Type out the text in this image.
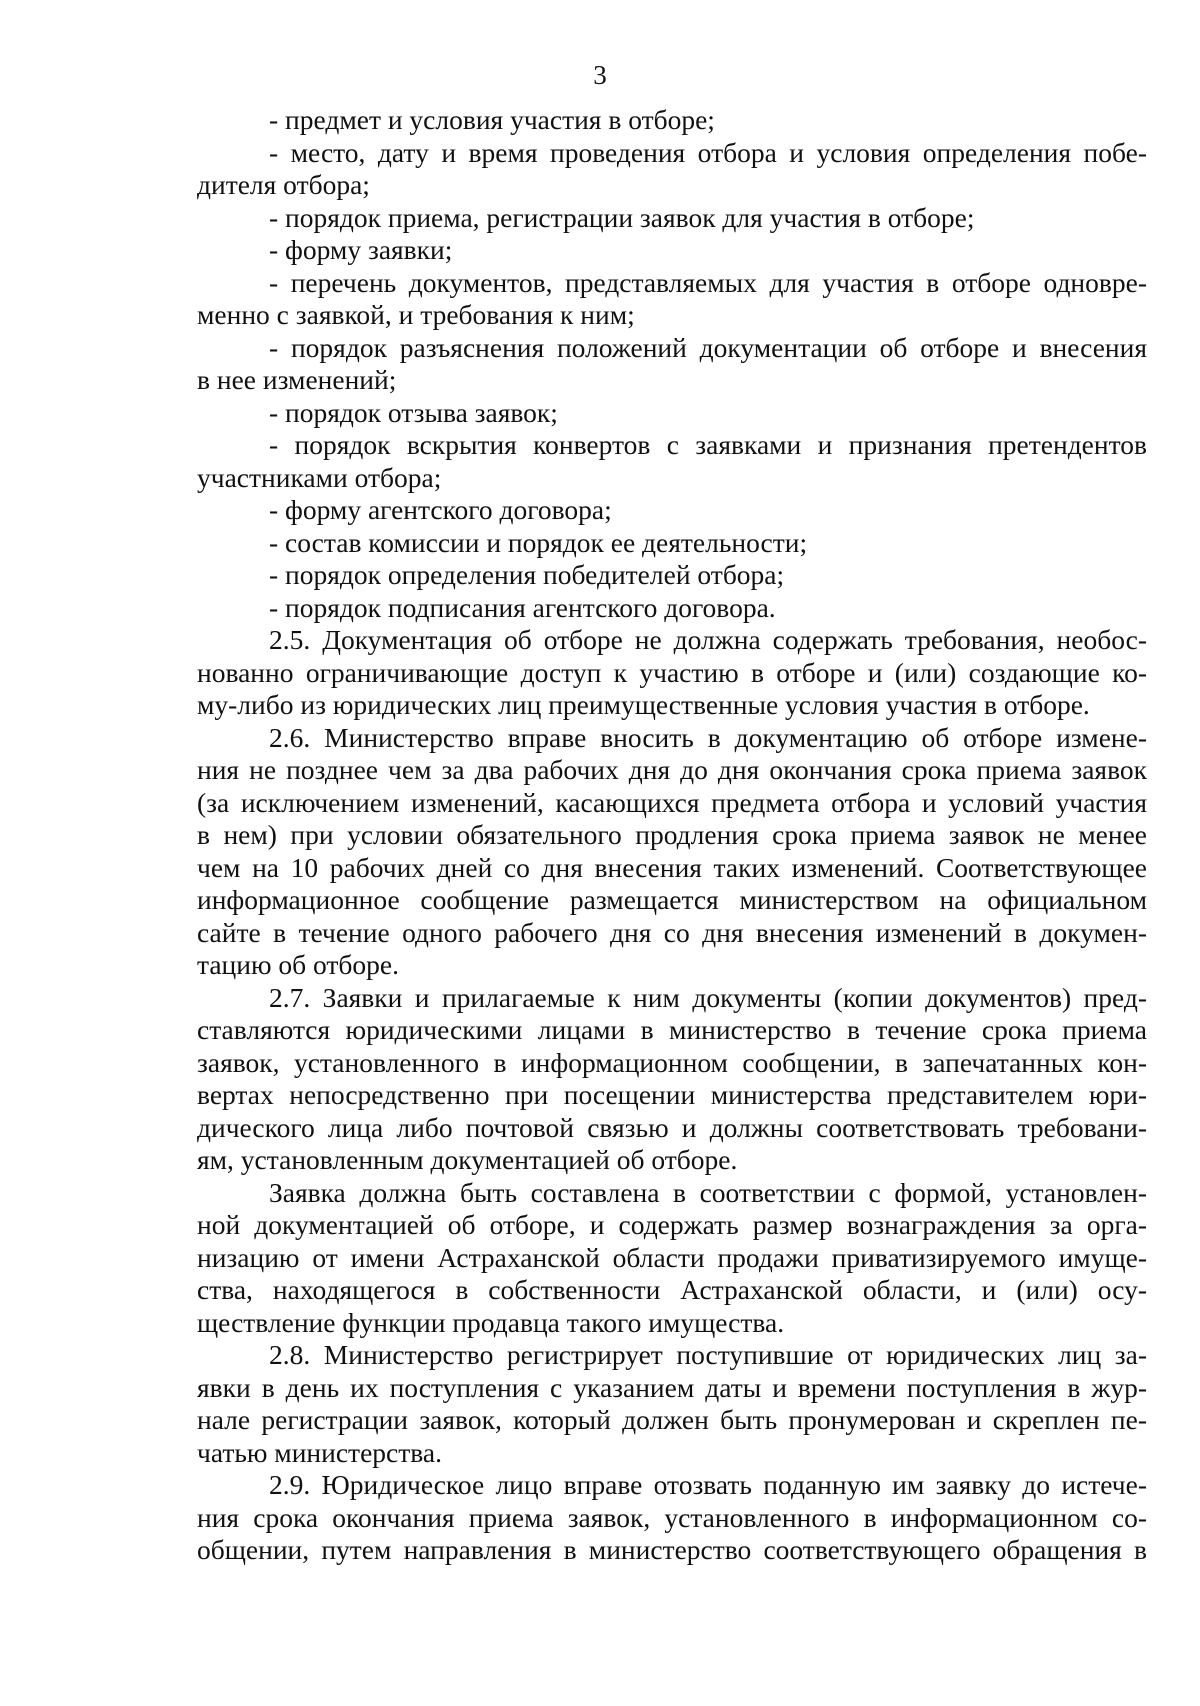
3
- предмет и условия участия в отборе;
- место, дату и время проведения отбора и условия определения побе-
дителя отбора;
- порядок приема, регистрации заявок для участия в отборе;
- форму заявки;
- перечень документов, представляемых для участия в отборе одновре-
менно с заявкой, и требования к ним;
- порядок разъяснения положений документации об отборе и внесения
в нее изменений;
- порядок отзыва заявок;
- порядок вскрытия конвертов с заявками и признания претендентов
участниками отбора;
- форму агентского договора;
- состав комиссии и порядок ее деятельности;
- порядок определения победителей отбора;
- порядок подписания агентского договора.
2.5. Документация об отборе не должна содержать требования, необос-
нованно ограничивающие доступ к участию в отборе и (или) создающие ко-
му-либо из юридических лиц преимущественные условия участия в отборе.
2.6. Министерство вправе вносить в документацию об отборе измене-
ния не позднее чем за два рабочих дня до дня окончания срока приема заявок
(за исключением изменений, касающихся предмета отбора и условий участия
в нем) при условии обязательного продления срока приема заявок не менее
чем на 10 рабочих дней со дня внесения таких изменений. Соответствующее
информационное сообщение размещается министерством на официальном
сайте в течение одного рабочего дня со дня внесения изменений в докумен-
тацию об отборе.
2.7. Заявки и прилагаемые к ним документы (копии документов) пред-
ставляются юридическими лицами в министерство в течение срока приема
заявок, установленного в информационном сообщении, в запечатанных кон-
вертах непосредственно при посещении министерства представителем юри-
дического лица либо почтовой связью и должны соответствовать требовани-
ям, установленным документацией об отборе.
Заявка должна быть составлена в соответствии с формой, установлен-
ной документацией об отборе, и содержать размер вознаграждения за орга-
низацию от имени Астраханской области продажи приватизируемого имуще-
ства, находящегося в собственности Астраханской области, и (или) осу-
ществление функции продавца такого имущества.
2.8. Министерство регистрирует поступившие от юридических лиц за-
явки в день их поступления с указанием даты и времени поступления в жур-
нале регистрации заявок, который должен быть пронумерован и скреплен пе-
чатью министерства.
2.9. Юридическое лицо вправе отозвать поданную им заявку до истече-
ния срока окончания приема заявок, установленного в информационном со-
общении, путем направления в министерство соответствующего обращения в
